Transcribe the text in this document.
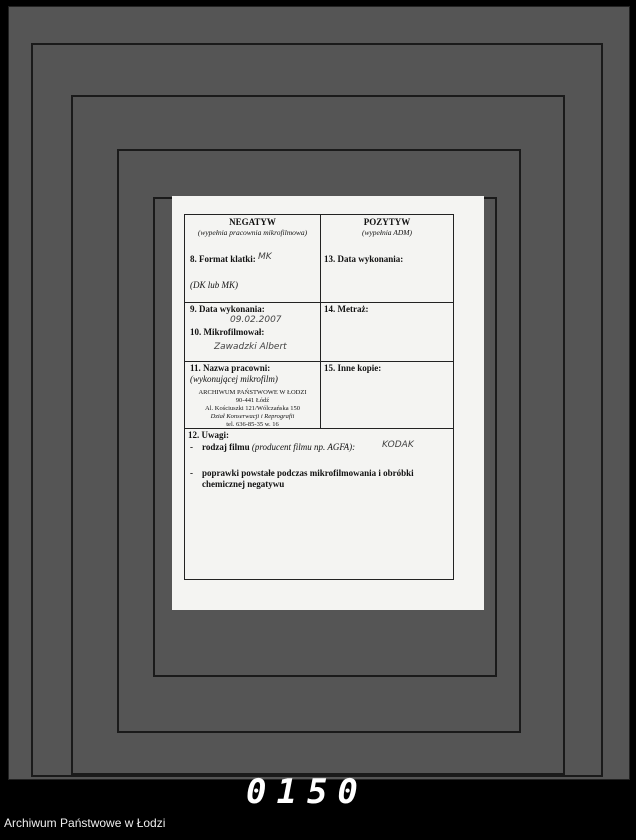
NEGATYW
(wypełnia pracownia mikrofilmowa)
POZYTYW
(wypełnia ADM)
8. Format klatki: MK
(DK lub MK)
13. Data wykonania:
9. Data wykonania:
09.02.2007
14. Metraż:
10. Mikrofilmował:
Zawadzki Albert
11. Nazwa pracowni:
(wykonującej mikrofilm)
15. Inne kopie:
ARCHIWUM PAŃSTWOWE W ŁODZI
90-441 Łódź
Al. Kościuszki 121/Wólczańska 150
Dział Konserwacji i Reprografii
tel. 636-85-35 w. 16
12. Uwagi:
- rodzaj filmu (producent filmu np. AGFA):	KODAK
- poprawki powstałe podczas mikrofilmowania i obróbki
chemicznej negatywu
0150
Archiwum Państwowe w Łodzi
